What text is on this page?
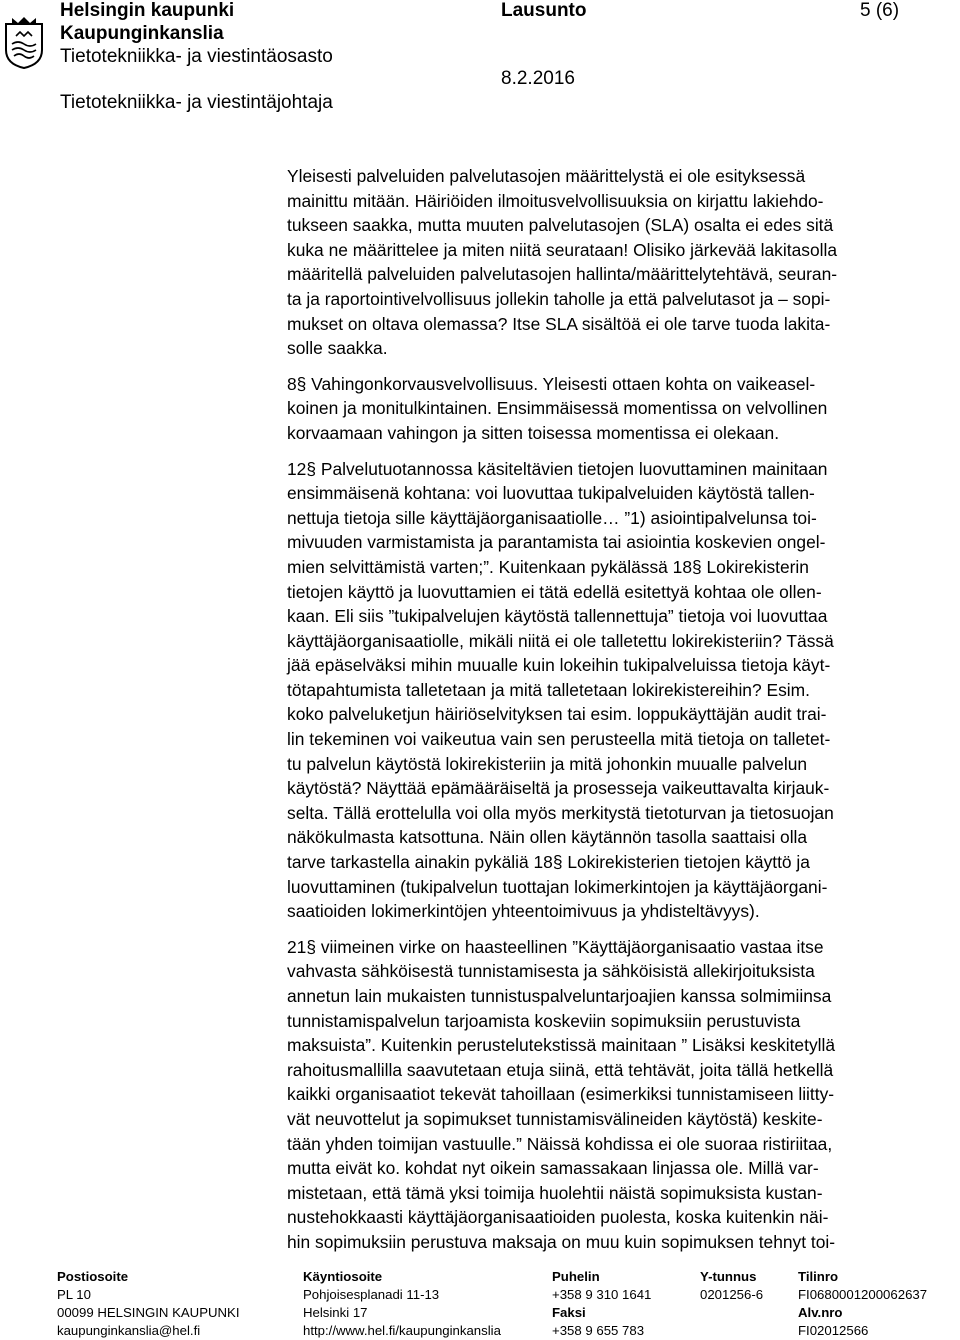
Helsingin kaupunki
Kaupunginkanslia
Tietotekniikka- ja viestintäosasto
Tietotekniikka- ja viestintäjohtaja
Lausunto	5 (6)
8.2.2016

Yleisesti palveluiden palvelutasojen määrittelystä ei ole esityksessä
mainittu mitään. Häiriöiden ilmoitusvelvollisuuksia on kirjattu lakiehdo-
tukseen saakka, mutta muuten palvelutasojen (SLA) osalta ei edes sitä
kuka ne määrittelee ja miten niitä seurataan! Olisiko järkevää lakitasolla
määritellä palveluiden palvelutasojen hallinta/määrittelytehtävä, seuran-
ta ja raportointivelvollisuus jollekin taholle ja että palvelutasot ja – sopi-
mukset on oltava olemassa? Itse SLA sisältöä ei ole tarve tuoda lakita-
solle saakka.

8§ Vahingonkorvausvelvollisuus. Yleisesti ottaen kohta on vaikeasel-
koinen ja monitulkintainen. Ensimmäisessä momentissa on velvollinen
korvaamaan vahingon ja sitten toisessa momentissa ei olekaan.

12§ Palvelutuotannossa käsiteltävien tietojen luovuttaminen mainitaan
ensimmäisenä kohtana: voi luovuttaa tukipalveluiden käytöstä tallen-
nettuja tietoja sille käyttäjäorganisaatiolle… ”1) asiointipalvelunsa toi-
mivuuden varmistamista ja parantamista tai asiointia koskevien ongel-
mien selvittämistä varten;”. Kuitenkaan pykälässä 18§ Lokirekisterin
tietojen käyttö ja luovuttamien ei tätä edellä esitettyä kohtaa ole ollen-
kaan. Eli siis ”tukipalvelujen käytöstä tallennettuja” tietoja voi luovuttaa
käyttäjäorganisaatiolle, mikäli niitä ei ole talletettu lokirekisteriin? Tässä
jää epäselväksi mihin muualle kuin lokeihin tukipalveluissa tietoja käyt-
tötapahtumista talletetaan ja mitä talletetaan lokirekistereihin? Esim.
koko palveluketjun häiriöselvityksen tai esim. loppukäyttäjän audit trai-
lin tekeminen voi vaikeutua vain sen perusteella mitä tietoja on talletet-
tu palvelun käytöstä lokirekisteriin ja mitä johonkin muualle palvelun
käytöstä? Näyttää epämääräiseltä ja prosesseja vaikeuttavalta kirjauk-
selta. Tällä erottelulla voi olla myös merkitystä tietoturvan ja tietosuojan
näkökulmasta katsottuna. Näin ollen käytännön tasolla saattaisi olla
tarve tarkastella ainakin pykäliä 18§ Lokirekisterien tietojen käyttö ja
luovuttaminen (tukipalvelun tuottajan lokimerkintojen ja käyttäjäorgani-
saatioiden lokimerkintöjen yhteentoimivuus ja yhdisteltävyys).

21§ viimeinen virke on haasteellinen ”Käyttäjäorganisaatio vastaa itse
vahvasta sähköisestä tunnistamisesta ja sähköisistä allekirjoituksista
annetun lain mukaisten tunnistuspalveluntarjoajien kanssa solmimiinsa
tunnistamispalvelun tarjoamista koskeviin sopimuksiin perustuvista
maksuista”. Kuitenkin perustelutekstissä mainitaan ” Lisäksi keskitetyllä
rahoitusmallilla saavutetaan etuja siinä, että tehtävät, joita tällä hetkellä
kaikki organisaatiot tekevät tahoillaan (esimerkiksi tunnistamiseen liitty-
vät neuvottelut ja sopimukset tunnistamisvälineiden käytöstä) keskite-
tään yhden toimijan vastuulle.” Näissä kohdissa ei ole suoraa ristiriitaa,
mutta eivät ko. kohdat nyt oikein samassakaan linjassa ole. Millä var-
mistetaan, että tämä yksi toimija huolehtii näistä sopimuksista kustan-
nustehokkaasti käyttäjäorganisaatioiden puolesta, koska kuitenkin näi-
hin sopimuksiin perustuva maksaja on muu kuin sopimuksen tehnyt toi-

Postiosoite
PL 10
00099 HELSINGIN KAUPUNKI
kaupunginkanslia@hel.fi
Käyntiosoite
Pohjoisesplanadi 11-13
Helsinki 17
http://www.hel.fi/kaupunginkanslia
Puhelin
+358 9 310 1641
Faksi
+358 9 655 783
Y-tunnus
0201256-6
Tilinro
FI0680001200062637
Alv.nro
FI02012566
